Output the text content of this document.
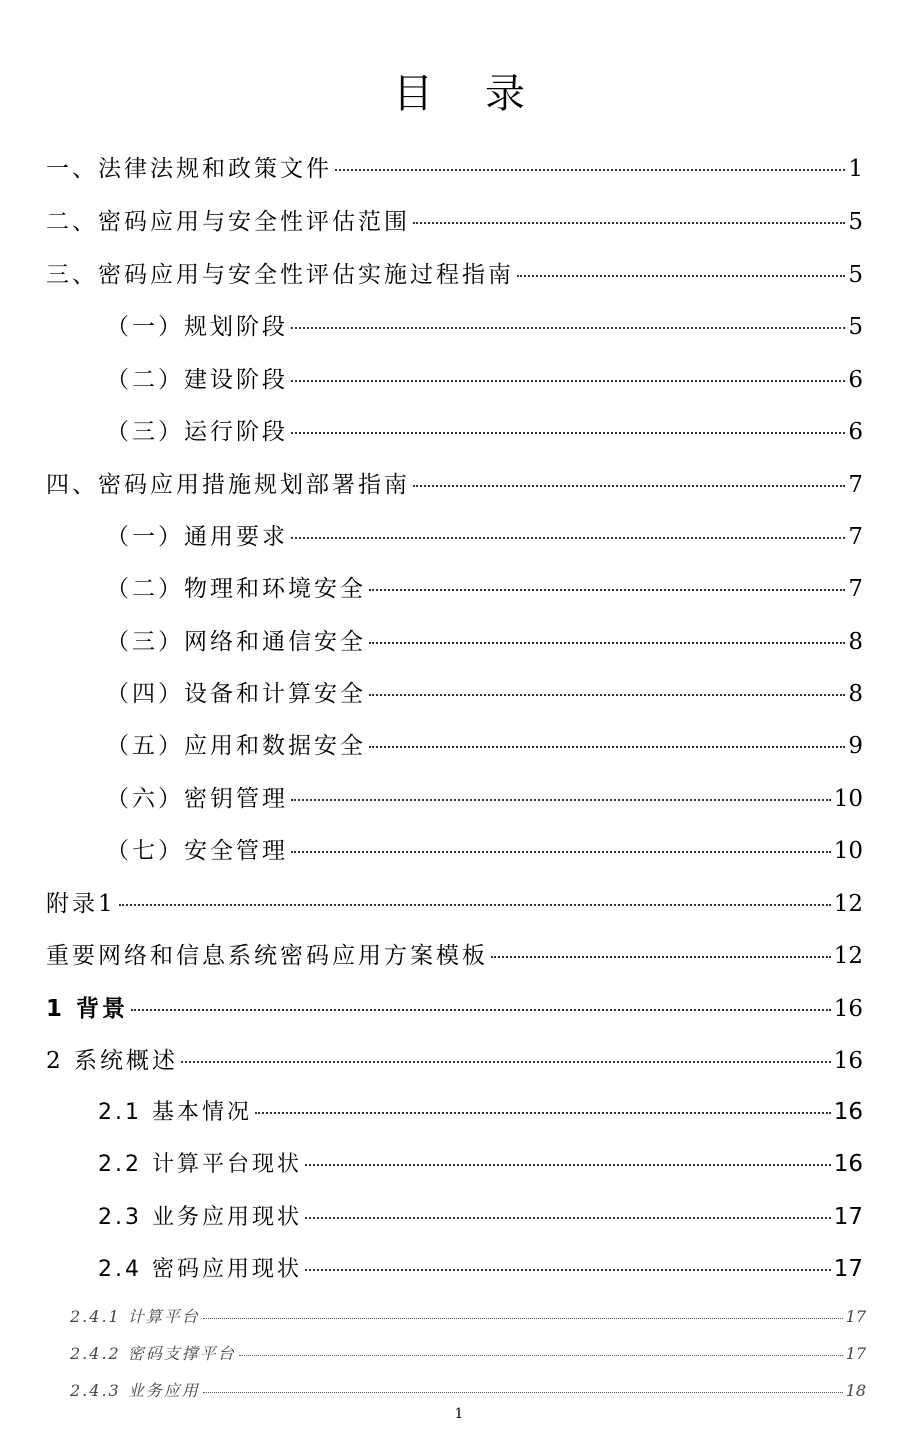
目录
一、法律法规和政策文件	1
二、密码应用与安全性评估范围	5
三、密码应用与安全性评估实施过程指南	5
（一）规划阶段	5
（二）建设阶段	6
（三）运行阶段	6
四、密码应用措施规划部署指南	7
（一）通用要求	7
（二）物理和环境安全	7
（三）网络和通信安全	8
（四）设备和计算安全	8
（五）应用和数据安全	9
（六）密钥管理	10
（七）安全管理	10
附录1	12
重要网络和信息系统密码应用方案模板	12
1 背景	16
2 系统概述	16
2.1 基本情况	16
2.2 计算平台现状	16
2.3 业务应用现状	17
2.4 密码应用现状	17
2.4.1 计算平台	17
2.4.2 密码支撑平台	17
2.4.3 业务应用	18
1
